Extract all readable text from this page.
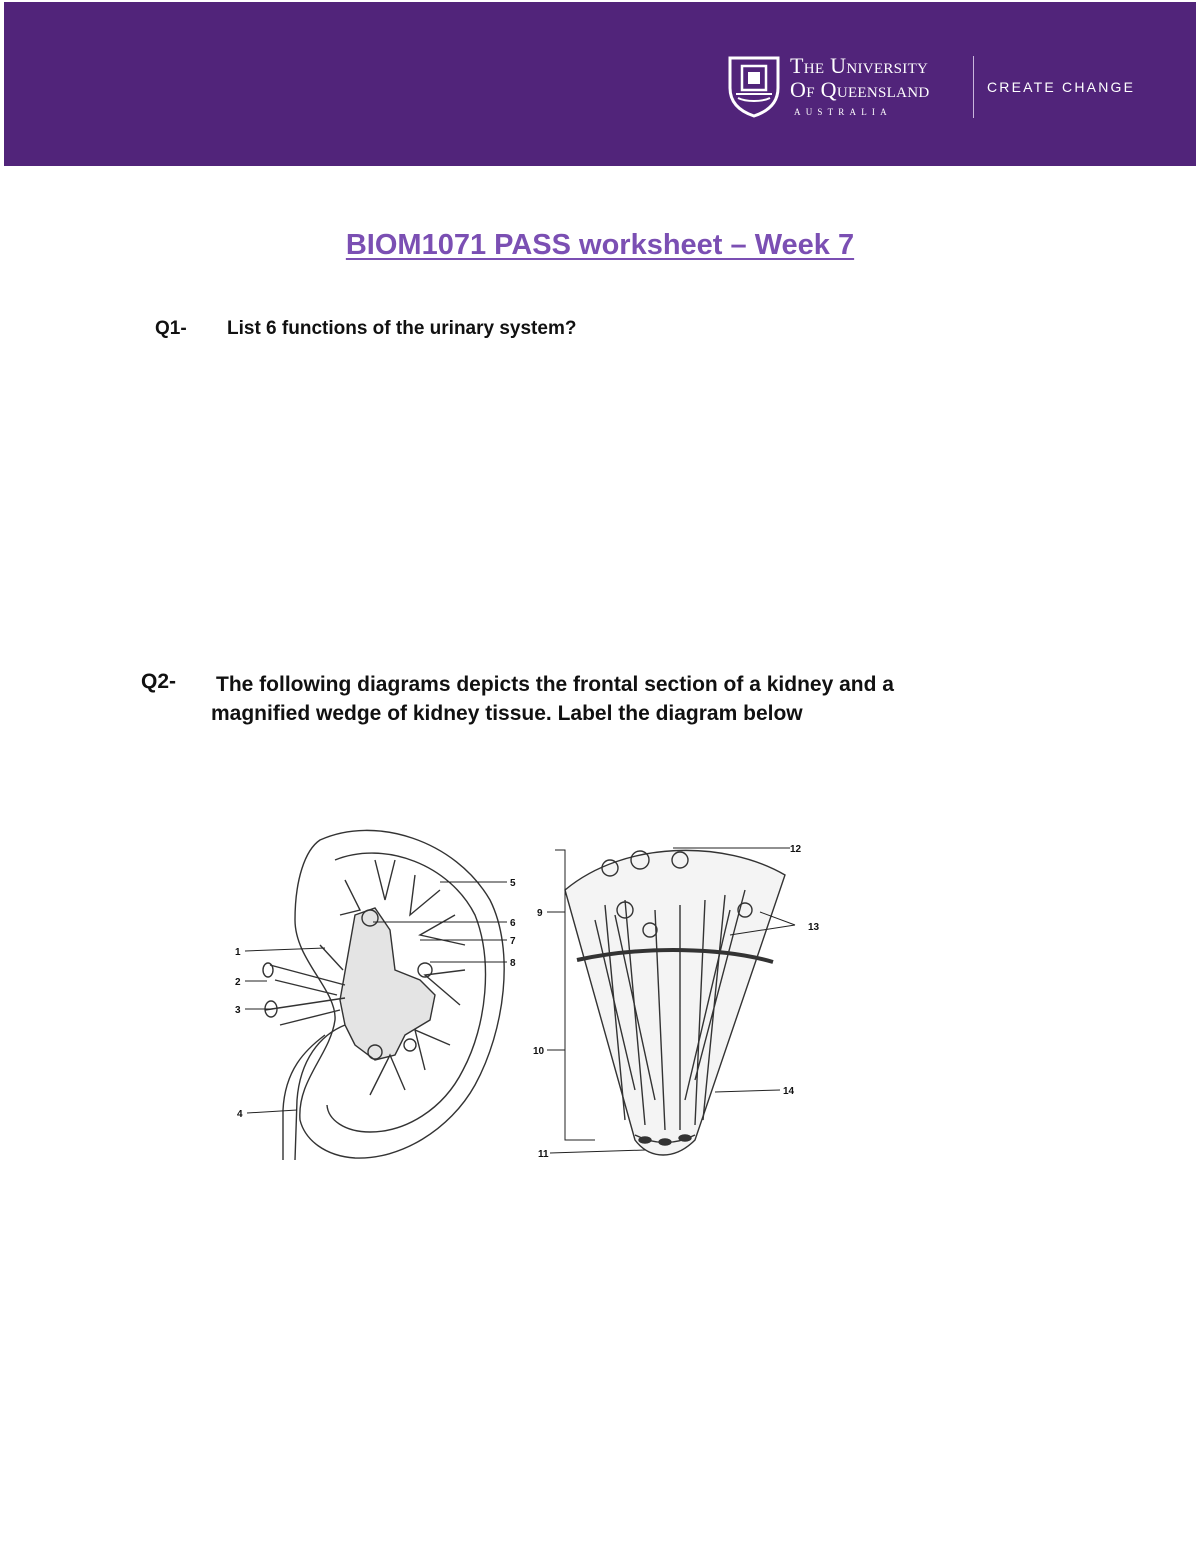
The University
Of Queensland
AUSTRALIA
CREATE CHANGE
BIOM1071 PASS worksheet – Week 7
Q1- List 6 functions of the urinary system?
Q2- The following diagrams depicts the frontal section of a kidney and a
magnified wedge of kidney tissue. Label the diagram below
1
2
3
4
5
6
7
8
9
10
11
12
13
14
